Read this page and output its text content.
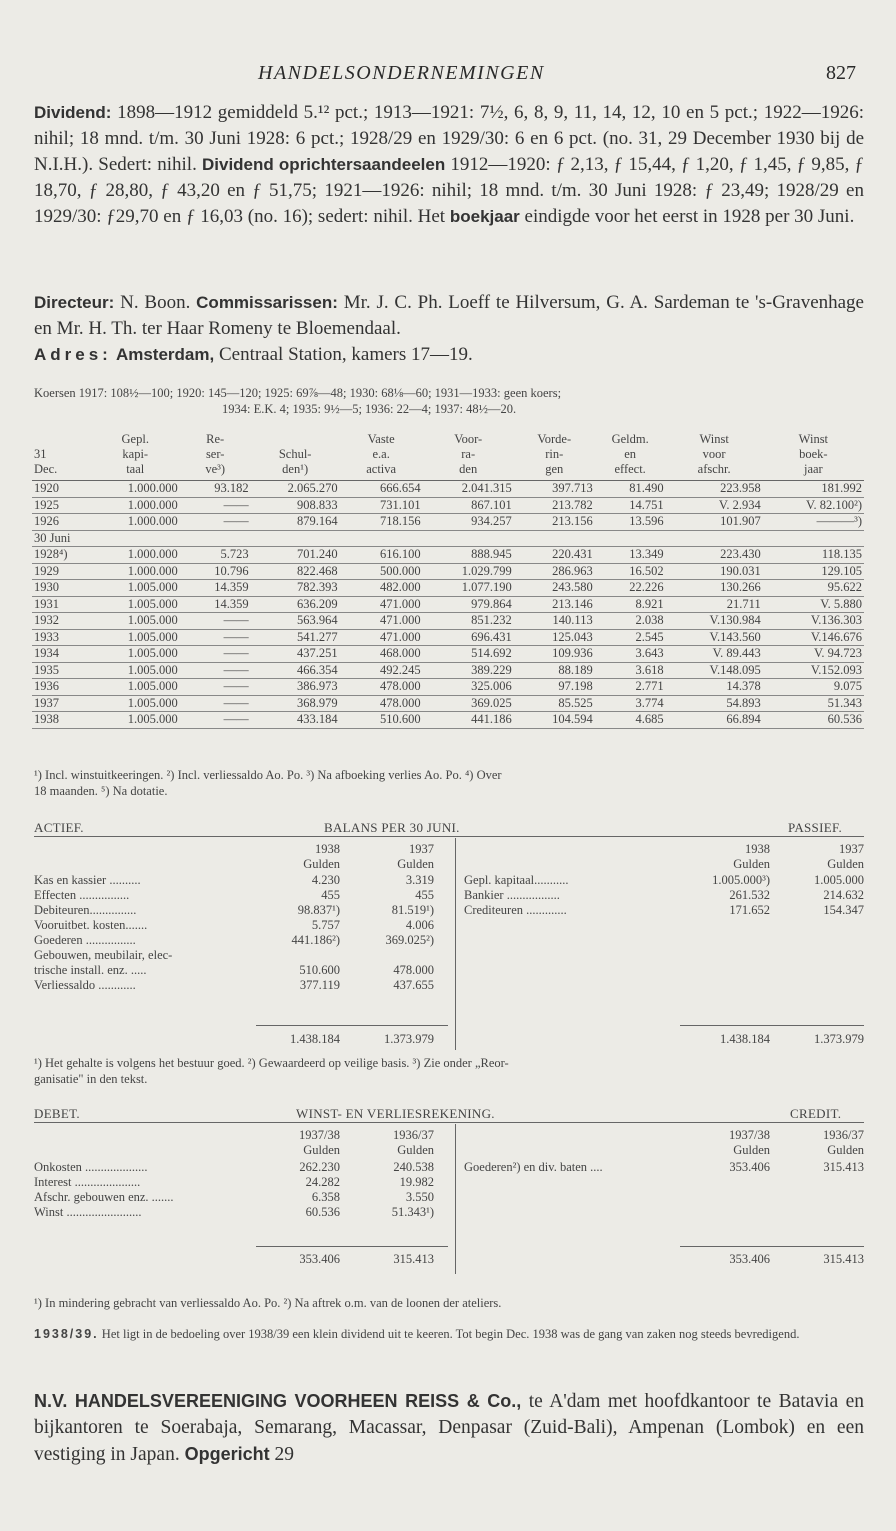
HANDELSONDERNEMINGEN	827
Dividend: 1898—1912 gemiddeld 5.¹² pct.; 1913—1921: 7½, 6, 8, 9, 11, 14, 12, 10 en 5 pct.; 1922—1926: nihil; 18 mnd. t/m. 30 Juni 1928: 6 pct.; 1928/29 en 1929/30: 6 en 6 pct. (no. 31, 29 December 1930 bij de N.I.H.). Sedert: nihil. Dividend oprichtersaandeelen 1912—1920: ƒ 2,13, ƒ 15,44, ƒ 1,20, ƒ 1,45, ƒ 9,85, ƒ 18,70, ƒ 28,80, ƒ 43,20 en ƒ 51,75; 1921—1926: nihil; 18 mnd. t/m. 30 Juni 1928: ƒ 23,49; 1928/29 en 1929/30: ƒ29,70 en ƒ 16,03 (no. 16); sedert: nihil. Het boekjaar eindigde voor het eerst in 1928 per 30 Juni.
Directeur: N. Boon. Commissarissen: Mr. J. C. Ph. Loeff te Hilversum, G. A. Sardeman te 's-Gravenhage en Mr. H. Th. ter Haar Romeny te Bloemendaal.
Adres: Amsterdam, Centraal Station, kamers 17—19.
Koersen 1917: 108½—100; 1920: 145—120; 1925: 69⅞—48; 1930: 68⅛—60; 1931—1933: geen koers;
1934: E.K. 4; 1935: 9½—5; 1936: 22—4; 1937: 48½—20.
	Gepl.	Re-		Vaste	Voor-	Vorde-	Geldm.	Winst	Winst
31	kapi-	ser-	Schul-	e.a.	ra-	rin-	en	voor	boek-
Dec.	taal	ve³)	den¹)	activa	den	gen	effect.	afschr.	jaar

1920	1.000.000	93.182	2.065.270	666.654	2.041.315	397.713	81.490	223.958	181.992
1925	1.000.000	——	908.833	731.101	867.101	213.782	14.751	V. 2.934	V. 82.100²)
1926	1.000.000	——	879.164	718.156	934.257	213.156	13.596	101.907	———³)
30 Juni									
1928⁴)	1.000.000	5.723	701.240	616.100	888.945	220.431	13.349	223.430	118.135
1929	1.000.000	10.796	822.468	500.000	1.029.799	286.963	16.502	190.031	129.105
1930	1.005.000	14.359	782.393	482.000	1.077.190	243.580	22.226	130.266	95.622
1931	1.005.000	14.359	636.209	471.000	979.864	213.146	8.921	21.711	V. 5.880
1932	1.005.000	——	563.964	471.000	851.232	140.113	2.038	V.130.984	V.136.303
1933	1.005.000	——	541.277	471.000	696.431	125.043	2.545	V.143.560	V.146.676
1934	1.005.000	——	437.251	468.000	514.692	109.936	3.643	V. 89.443	V. 94.723
1935	1.005.000	——	466.354	492.245	389.229	88.189	3.618	V.148.095	V.152.093
1936	1.005.000	——	386.973	478.000	325.006	97.198	2.771	14.378	9.075
1937	1.005.000	——	368.979	478.000	369.025	85.525	3.774	54.893	51.343
1938	1.005.000	——	433.184	510.600	441.186	104.594	4.685	66.894	60.536
¹) Incl. winstuitkeeringen. ²) Incl. verliessaldo Ao. Po. ³) Na afboeking verlies Ao. Po. ⁴) Over
18 maanden. ⁵) Na dotatie.
ACTIEF.	BALANS PER 30 JUNI.	PASSIEF.
1938	1937
Gulden	Gulden
1938	1937
Gulden	Gulden
Kas en kassier ..........	4.230	3.319
Effecten ................	455	455
Debiteuren...............	98.837¹)	81.519¹)
Vooruitbet. kosten.......	5.757	4.006
Goederen ................	441.186²)	369.025²)
Gebouwen, meubilair, elec-
trische install. enz. .....	510.600	478.000
Verliessaldo ............	377.119	437.655
Gepl. kapitaal...........	1.005.000³)	1.005.000
Bankier .................	261.532	214.632
Crediteuren .............	171.652	154.347
1.438.184	1.373.979	1.438.184	1.373.979
¹) Het gehalte is volgens het bestuur goed. ²) Gewaardeerd op veilige basis. ³) Zie onder „Reor-
ganisatie" in den tekst.
DEBET.	WINST- EN VERLIESREKENING.	CREDIT.
1937/38	1936/37
Gulden	Gulden
1937/38	1936/37
Gulden	Gulden
Onkosten ....................	262.230	240.538
Interest .....................	24.282	19.982
Afschr. gebouwen enz. .......	6.358	3.550
Winst ........................	60.536	51.343¹)
Goederen²) en div. baten ....	353.406	315.413
353.406	315.413	353.406	315.413
¹) In mindering gebracht van verliessaldo Ao. Po. ²) Na aftrek o.m. van de loonen der ateliers.
1938/39. Het ligt in de bedoeling over 1938/39 een klein dividend uit te keeren. Tot begin Dec. 1938 was de gang van zaken nog steeds bevredigend.
N.V. HANDELSVEREENIGING VOORHEEN REISS & Co., te A'dam met hoofdkantoor te Batavia en bijkantoren te Soerabaja, Semarang, Macassar, Denpasar (Zuid-Bali), Ampenan (Lombok) en een vestiging in Japan. Opgericht 29
